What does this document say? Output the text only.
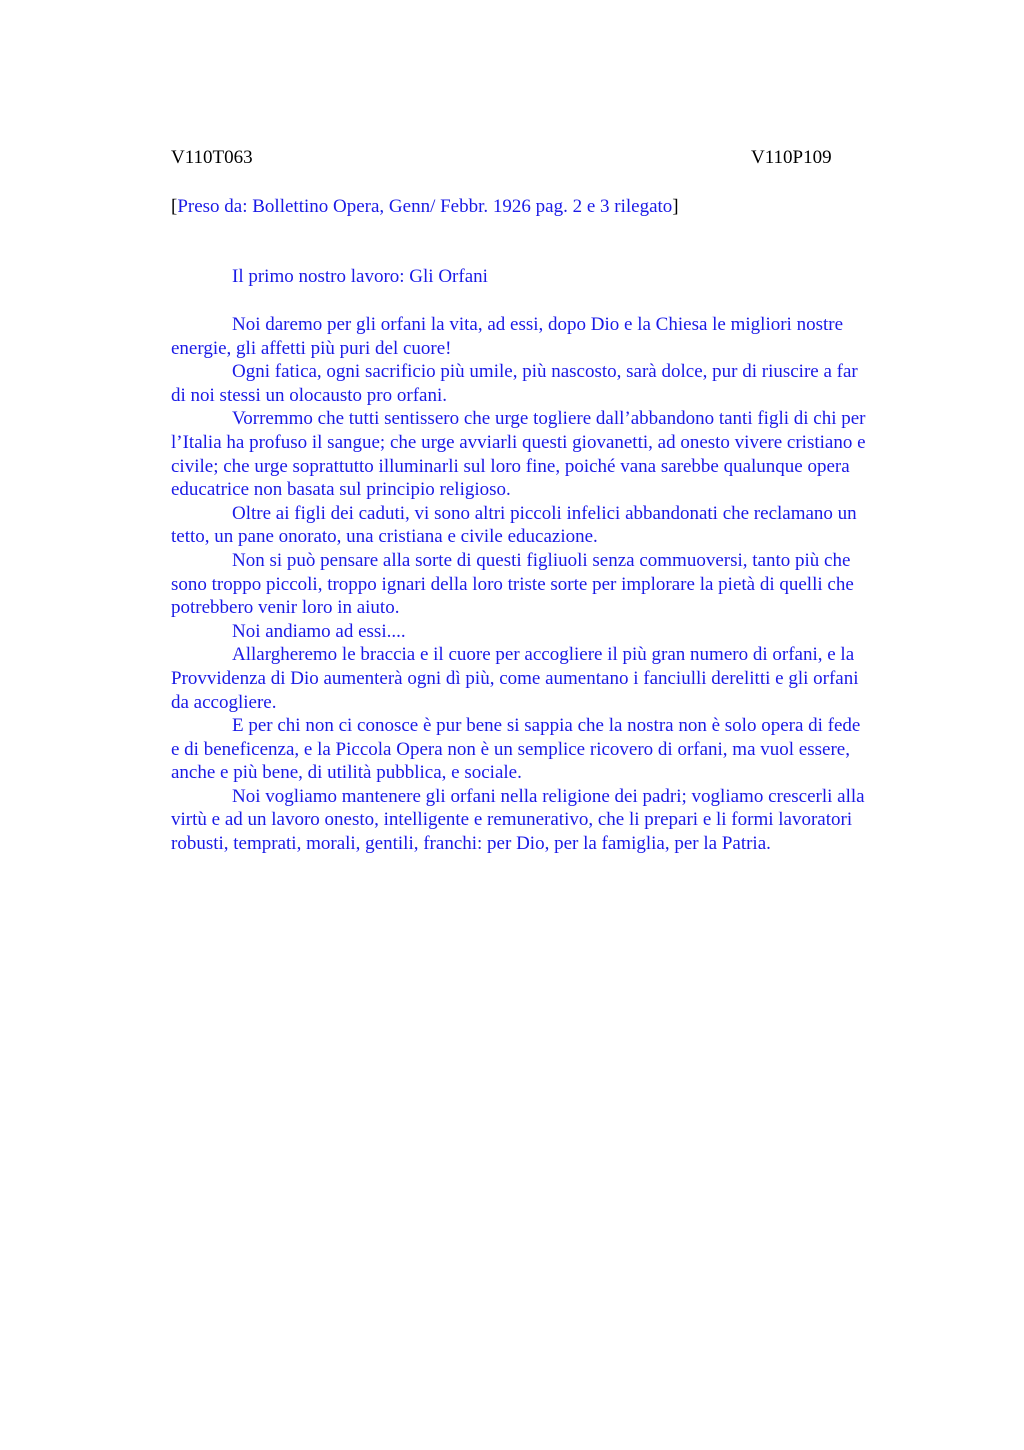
V110T063	V110P109
[Preso da: Bollettino Opera, Genn/ Febbr. 1926 pag. 2 e 3 rilegato]
Il primo nostro lavoro: Gli Orfani
Noi daremo per gli orfani la vita, ad essi, dopo Dio e la Chiesa le migliori nostre
energie, gli affetti più puri del cuore!
Ogni fatica, ogni sacrificio più umile, più nascosto, sarà dolce, pur di riuscire a far
di noi stessi un olocausto pro orfani.
Vorremmo che tutti sentissero che urge togliere dall’abbandono tanti figli di chi per
l’Italia ha profuso il sangue; che urge avviarli questi giovanetti, ad onesto vivere cristiano e
civile; che urge soprattutto illuminarli sul loro fine, poiché vana sarebbe qualunque opera
educatrice non basata sul principio religioso.
Oltre ai figli dei caduti, vi sono altri piccoli infelici abbandonati che reclamano un
tetto, un pane onorato, una cristiana e civile educazione.
Non si può pensare alla sorte di questi figliuoli senza commuoversi, tanto più che
sono troppo piccoli, troppo ignari della loro triste sorte per implorare la pietà di quelli che
potrebbero venir loro in aiuto.
Noi andiamo ad essi....
Allargheremo le braccia e il cuore per accogliere il più gran numero di orfani, e la
Provvidenza di Dio aumenterà ogni dì più, come aumentano i fanciulli derelitti e gli orfani
da accogliere.
E per chi non ci conosce è pur bene si sappia che la nostra non è solo opera di fede
e di beneficenza, e la Piccola Opera non è un semplice ricovero di orfani, ma vuol essere,
anche e più bene, di utilità pubblica, e sociale.
Noi vogliamo mantenere gli orfani nella religione dei padri; vogliamo crescerli alla
virtù e ad un lavoro onesto, intelligente e remunerativo, che li prepari e li formi lavoratori
robusti, temprati, morali, gentili, franchi: per Dio, per la famiglia, per la Patria.
